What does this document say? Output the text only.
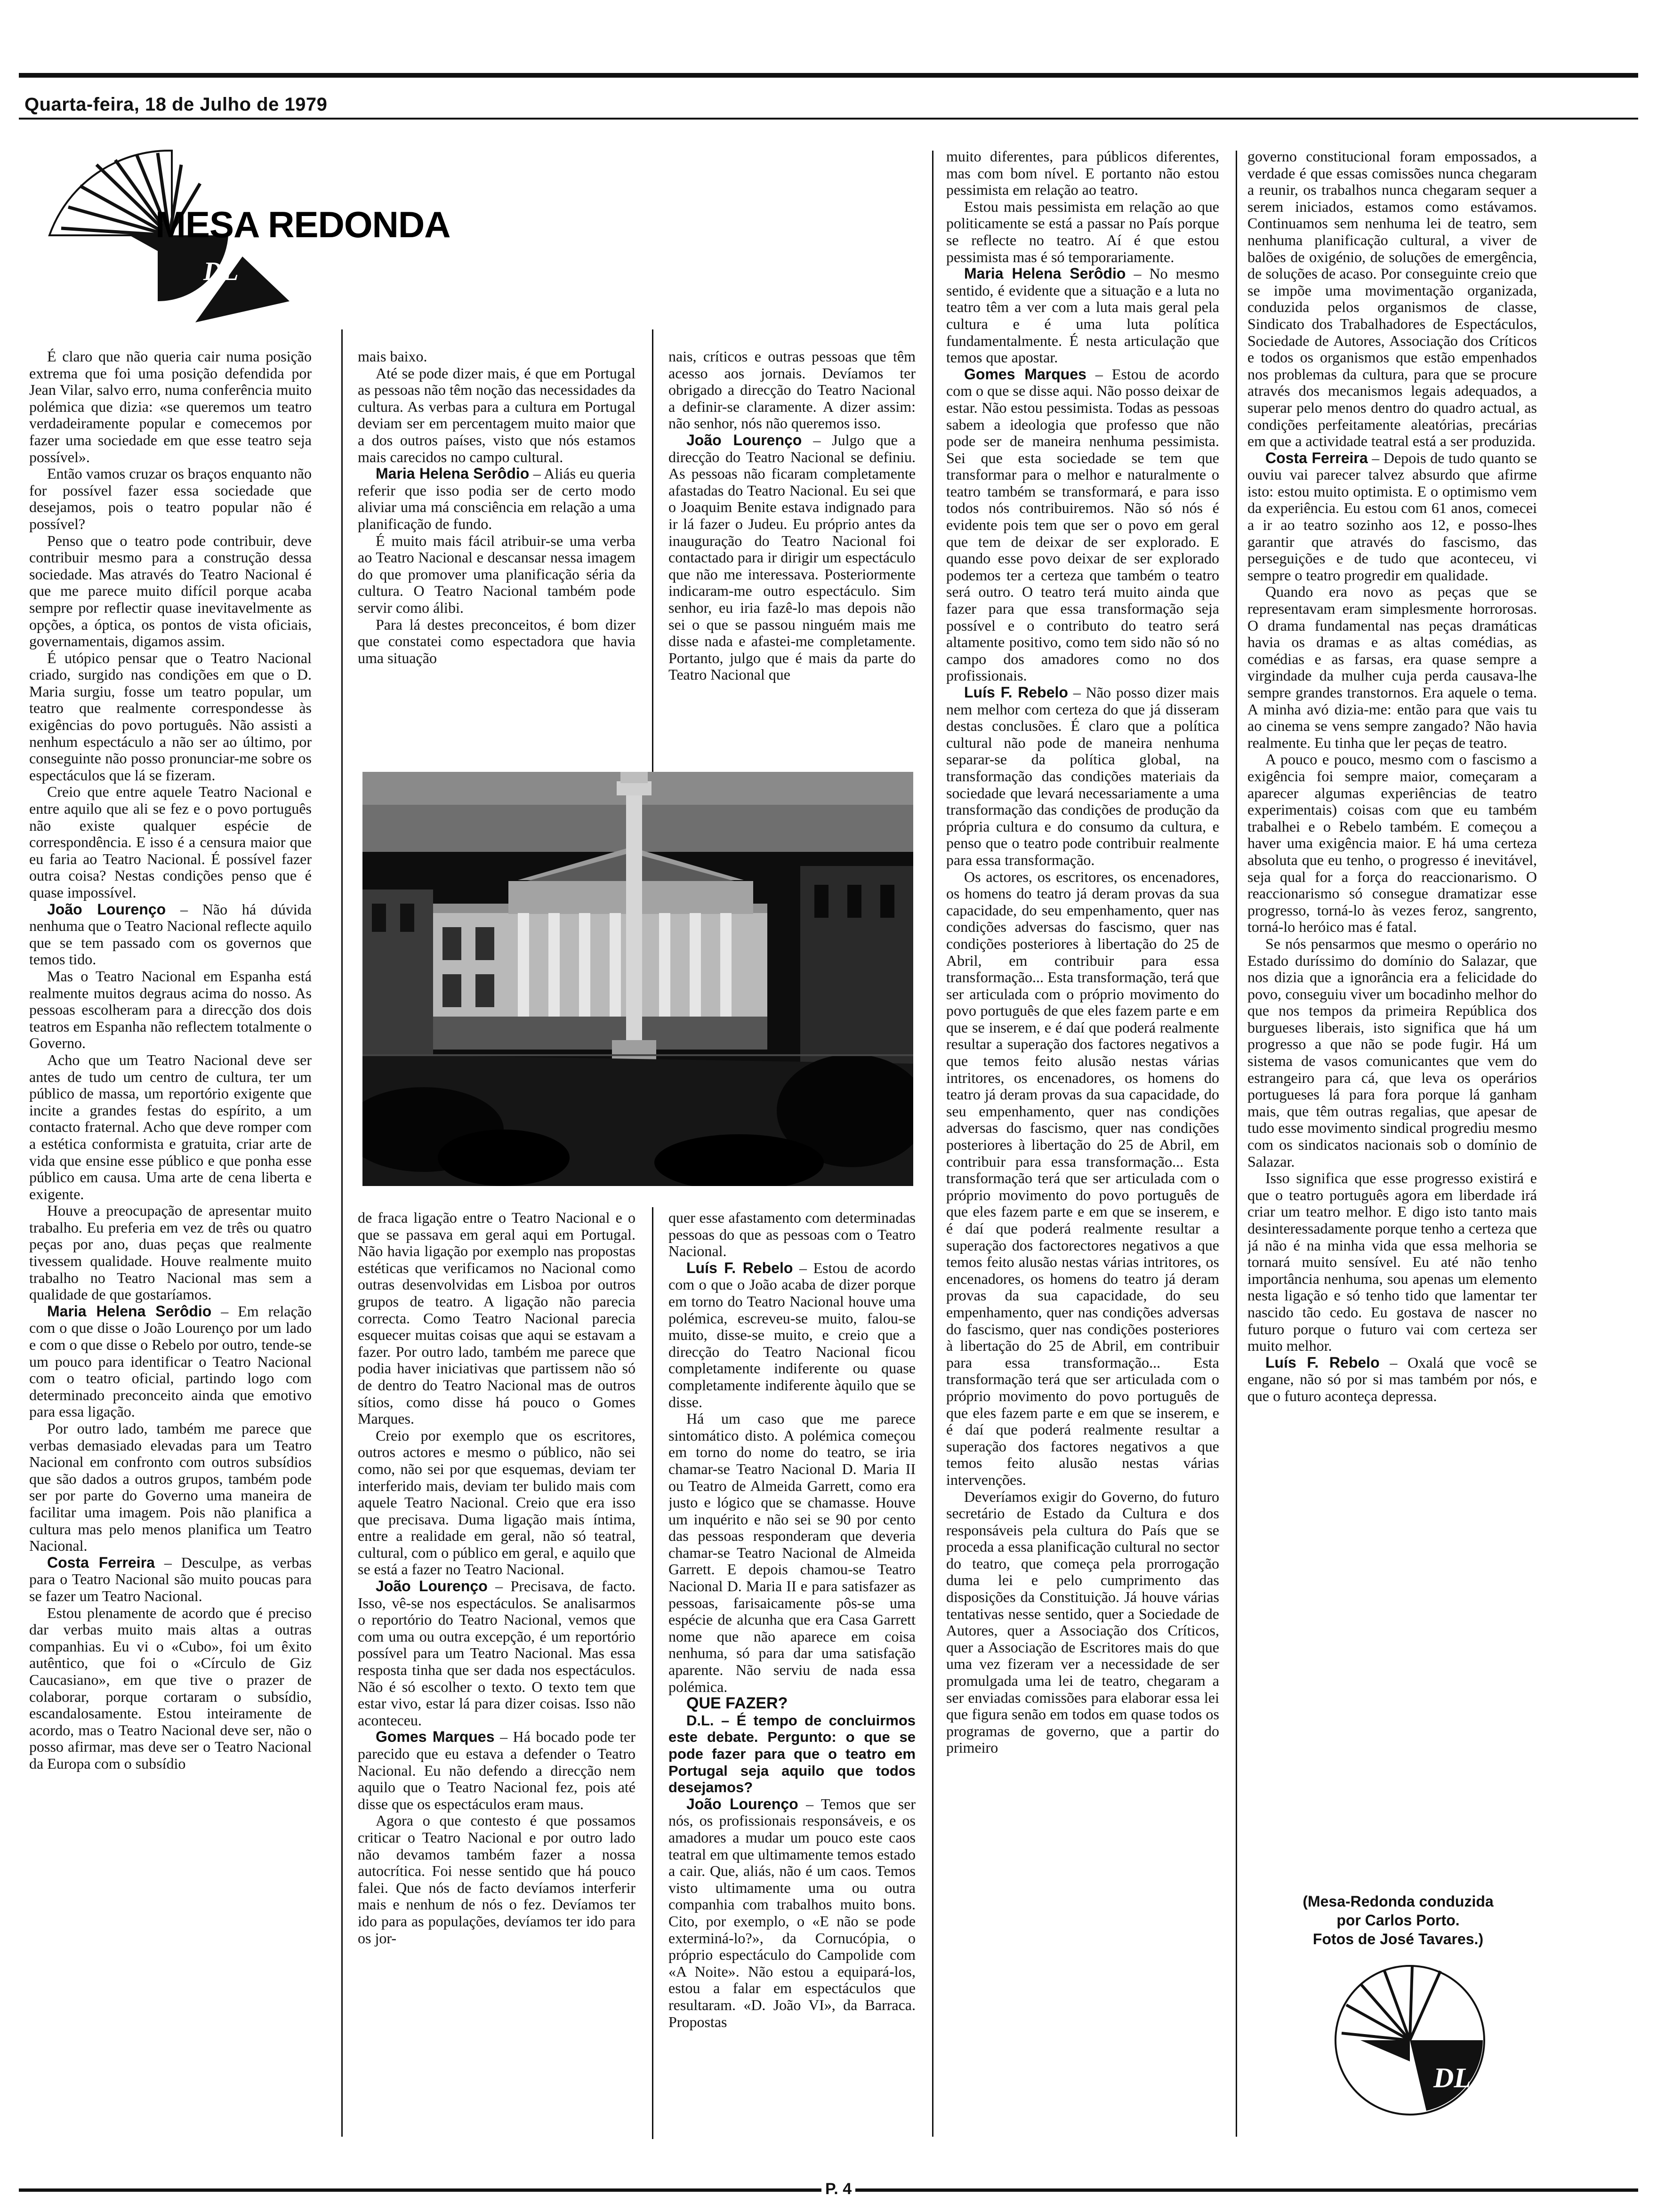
Quarta-feira, 18 de Julho de 1979
MESA REDONDA
DL

É claro que não queria cair numa posição extrema que foi uma posição defendida por Jean Vilar, salvo erro, numa conferência muito polémica que dizia: «se queremos um teatro verdadeiramente popular e comecemos por fazer uma sociedade em que esse teatro seja possível».

Então vamos cruzar os braços enquanto não for possível fazer essa sociedade que desejamos, pois o teatro popular não é possível?

Penso que o teatro pode contribuir, deve contribuir mesmo para a construção dessa sociedade. Mas através do Teatro Nacional é que me parece muito difícil porque acaba sempre por reflectir quase inevitavelmente as opções, a óptica, os pontos de vista oficiais, governamentais, digamos assim.

É utópico pensar que o Teatro Nacional criado, surgido nas condições em que o D. Maria surgiu, fosse um teatro popular, um teatro que realmente correspondesse às exigências do povo português. Não assisti a nenhum espectáculo a não ser ao último, por conseguinte não posso pronunciar-me sobre os espectáculos que lá se fizeram.

Creio que entre aquele Teatro Nacional e entre aquilo que ali se fez e o povo português não existe qualquer espécie de correspondência. E isso é a censura maior que eu faria ao Teatro Nacional. É possível fazer outra coisa? Nestas condições penso que é quase impossível.

João Lourenço – Não há dúvida nenhuma que o Teatro Nacional reflecte aquilo que se tem passado com os governos que temos tido.

Mas o Teatro Nacional em Espanha está realmente muitos degraus acima do nosso. As pessoas escolheram para a direcção dos dois teatros em Espanha não reflectem totalmente o Governo.

Acho que um Teatro Nacional deve ser antes de tudo um centro de cultura, ter um público de massa, um reportório exigente que incite a grandes festas do espírito, a um contacto fraternal. Acho que deve romper com a estética conformista e gratuita, criar arte de vida que ensine esse público e que ponha esse público em causa. Uma arte de cena liberta e exigente.

Houve a preocupação de apresentar muito trabalho. Eu preferia em vez de três ou quatro peças por ano, duas peças que realmente tivessem qualidade. Houve realmente muito trabalho no Teatro Nacional mas sem a qualidade de que gostaríamos.

Maria Helena Serôdio – Em relação com o que disse o João Lourenço por um lado e com o que disse o Rebelo por outro, tende-se um pouco para identificar o Teatro Nacional com o teatro oficial, partindo logo com determinado preconceito ainda que emotivo para essa ligação.

Por outro lado, também me parece que verbas demasiado elevadas para um Teatro Nacional em confronto com outros subsídios que são dados a outros grupos, também pode ser por parte do Governo uma maneira de facilitar uma imagem. Pois não planifica a cultura mas pelo menos planifica um Teatro Nacional.

Costa Ferreira – Desculpe, as verbas para o Teatro Nacional são muito poucas para se fazer um Teatro Nacional.

Estou plenamente de acordo que é preciso dar verbas muito mais altas a outras companhias. Eu vi o «Cubo», foi um êxito autêntico, que foi o «Círculo de Giz Caucasiano», em que tive o prazer de colaborar, porque cortaram o subsídio, escandalosamente. Estou inteiramente de acordo, mas o Teatro Nacional deve ser, não o posso afirmar, mas deve ser o Teatro Nacional da Europa com o subsídio

mais baixo.

Até se pode dizer mais, é que em Portugal as pessoas não têm noção das necessidades da cultura. As verbas para a cultura em Portugal deviam ser em percentagem muito maior que a dos outros países, visto que nós estamos mais carecidos no campo cultural.

Maria Helena Serôdio – Aliás eu queria referir que isso podia ser de certo modo aliviar uma má consciência em relação a uma planificação de fundo.

É muito mais fácil atribuir-se uma verba ao Teatro Nacional e descansar nessa imagem do que promover uma planificação séria da cultura. O Teatro Nacional também pode servir como álibi.

Para lá destes preconceitos, é bom dizer que constatei como espectadora que havia uma situação

nais, críticos e outras pessoas que têm acesso aos jornais. Devíamos ter obrigado a direcção do Teatro Nacional a definir-se claramente. A dizer assim: não senhor, nós não queremos isso.

João Lourenço – Julgo que a direcção do Teatro Nacional se definiu. As pessoas não ficaram completamente afastadas do Teatro Nacional. Eu sei que o Joaquim Benite estava indignado para ir lá fazer o Judeu. Eu próprio antes da inauguração do Teatro Nacional foi contactado para ir dirigir um espectáculo que não me interessava. Posteriormente indicaram-me outro espectáculo. Sim senhor, eu iria fazê-lo mas depois não sei o que se passou ninguém mais me disse nada e afastei-me completamente. Portanto, julgo que é mais da parte do Teatro Nacional que

de fraca ligação entre o Teatro Nacional e o que se passava em geral aqui em Portugal. Não havia ligação por exemplo nas propostas estéticas que verificamos no Nacional como outras desenvolvidas em Lisboa por outros grupos de teatro. A ligação não parecia correcta. Como Teatro Nacional parecia esquecer muitas coisas que aqui se estavam a fazer. Por outro lado, também me parece que podia haver iniciativas que partissem não só de dentro do Teatro Nacional mas de outros sítios, como disse há pouco o Gomes Marques.

Creio por exemplo que os escritores, outros actores e mesmo o público, não sei como, não sei por que esquemas, deviam ter interferido mais, deviam ter bulido mais com aquele Teatro Nacional. Creio que era isso que precisava. Duma ligação mais íntima, entre a realidade em geral, não só teatral, cultural, com o público em geral, e aquilo que se está a fazer no Teatro Nacional.

João Lourenço – Precisava, de facto. Isso, vê-se nos espectáculos. Se analisarmos o reportório do Teatro Nacional, vemos que com uma ou outra excepção, é um reportório possível para um Teatro Nacional. Mas essa resposta tinha que ser dada nos espectáculos. Não é só escolher o texto. O texto tem que estar vivo, estar lá para dizer coisas. Isso não aconteceu.

Gomes Marques – Há bocado pode ter parecido que eu estava a defender o Teatro Nacional. Eu não defendo a direcção nem aquilo que o Teatro Nacional fez, pois até disse que os espectáculos eram maus.

Agora o que contesto é que possamos criticar o Teatro Nacional e por outro lado não devamos também fazer a nossa autocrítica. Foi nesse sentido que há pouco falei. Que nós de facto devíamos interferir mais e nenhum de nós o fez. Devíamos ter ido para as populações, devíamos ter ido para os jor-

quer esse afastamento com determinadas pessoas do que as pessoas com o Teatro Nacional.

Luís F. Rebelo – Estou de acordo com o que o João acaba de dizer porque em torno do Teatro Nacional houve uma polémica, escreveu-se muito, falou-se muito, disse-se muito, e creio que a direcção do Teatro Nacional ficou completamente indiferente ou quase completamente indiferente àquilo que se disse.

Há um caso que me parece sintomático disto. A polémica começou em torno do nome do teatro, se iria chamar-se Teatro Nacional D. Maria II ou Teatro de Almeida Garrett, como era justo e lógico que se chamasse. Houve um inquérito e não sei se 90 por cento das pessoas responderam que deveria chamar-se Teatro Nacional de Almeida Garrett. E depois chamou-se Teatro Nacional D. Maria II e para satisfazer as pessoas, farisaicamente pôs-se uma espécie de alcunha que era Casa Garrett nome que não aparece em coisa nenhuma, só para dar uma satisfação aparente. Não serviu de nada essa polémica.

QUE FAZER?

D.L. – É tempo de concluirmos este debate. Pergunto: o que se pode fazer para que o teatro em Portugal seja aquilo que todos desejamos?

João Lourenço – Temos que ser nós, os profissionais responsáveis, e os amadores a mudar um pouco este caos teatral em que ultimamente temos estado a cair. Que, aliás, não é um caos. Temos visto ultimamente uma ou outra companhia com trabalhos muito bons. Cito, por exemplo, o «E não se pode exterminá-lo?», da Cornucópia, o próprio espectáculo do Campolide com «A Noite». Não estou a equipará-los, estou a falar em espectáculos que resultaram. «D. João VI», da Barraca. Propostas

muito diferentes, para públicos diferentes, mas com bom nível. E portanto não estou pessimista em relação ao teatro.

Estou mais pessimista em relação ao que politicamente se está a passar no País porque se reflecte no teatro. Aí é que estou pessimista mas é só temporariamente.

Maria Helena Serôdio – No mesmo sentido, é evidente que a situação e a luta no teatro têm a ver com a luta mais geral pela cultura e é uma luta política fundamentalmente. É nesta articulação que temos que apostar.

Gomes Marques – Estou de acordo com o que se disse aqui. Não posso deixar de estar. Não estou pessimista. Todas as pessoas sabem a ideologia que professo que não pode ser de maneira nenhuma pessimista. Sei que esta sociedade se tem que transformar para o melhor e naturalmente o teatro também se transformará, e para isso todos nós contribuiremos. Não só nós é evidente pois tem que ser o povo em geral que tem de deixar de ser explorado. E quando esse povo deixar de ser explorado podemos ter a certeza que também o teatro será outro. O teatro terá muito ainda que fazer para que essa transformação seja possível e o contributo do teatro será altamente positivo, como tem sido não só no campo dos amadores como no dos profissionais.

Luís F. Rebelo – Não posso dizer mais nem melhor com certeza do que já disseram destas conclusões. É claro que a política cultural não pode de maneira nenhuma separar-se da política global, na transformação das condições materiais da sociedade que levará necessariamente a uma transformação das condições de produção da própria cultura e do consumo da cultura, e penso que o teatro pode contribuir realmente para essa transformação.

Os actores, os escritores, os encenadores, os homens do teatro já deram provas da sua capacidade, do seu empenhamento, quer nas condições adversas do fascismo, quer nas condições posteriores à libertação do 25 de Abril, em contribuir para essa transformação... Esta transformação, terá que ser articulada com o próprio movimento do povo português de que eles fazem parte e em que se inserem, e é daí que poderá realmente resultar a superação dos factores negativos a que temos feito alusão nestas várias intritores, os encenadores, os homens do teatro já deram provas da sua capacidade, do seu empenhamento, quer nas condições adversas do fascismo, quer nas condições posteriores à libertação do 25 de Abril, em contribuir para essa transformação... Esta transformação terá que ser articulada com o próprio movimento do povo português de que eles fazem parte e em que se inserem, e é daí que poderá realmente resultar a superação dos factorectores negativos a que temos feito alusão nestas várias intritores, os encenadores, os homens do teatro já deram provas da sua capacidade, do seu empenhamento, quer nas condições adversas do fascismo, quer nas condições posteriores à libertação do 25 de Abril, em contribuir para essa transformação... Esta transformação terá que ser articulada com o próprio movimento do povo português de que eles fazem parte e em que se inserem, e é daí que poderá realmente resultar a superação dos factores negativos a que temos feito alusão nestas várias intervenções.

Deveríamos exigir do Governo, do futuro secretário de Estado da Cultura e dos responsáveis pela cultura do País que se proceda a essa planificação cultural no sector do teatro, que começa pela prorrogação duma lei e pelo cumprimento das disposições da Constituição. Já houve várias tentativas nesse sentido, quer a Sociedade de Autores, quer a Associação dos Críticos, quer a Associação de Escritores mais do que uma vez fizeram ver a necessidade de ser promulgada uma lei de teatro, chegaram a ser enviadas comissões para elaborar essa lei que figura senão em todos em quase todos os programas de governo, que a partir do primeiro

governo constitucional foram empossados, a verdade é que essas comissões nunca chegaram a reunir, os trabalhos nunca chegaram sequer a serem iniciados, estamos como estávamos. Continuamos sem nenhuma lei de teatro, sem nenhuma planificação cultural, a viver de balões de oxigénio, de soluções de emergência, de soluções de acaso. Por conseguinte creio que se impõe uma movimentação organizada, conduzida pelos organismos de classe, Sindicato dos Trabalhadores de Espectáculos, Sociedade de Autores, Associação dos Críticos e todos os organismos que estão empenhados nos problemas da cultura, para que se procure através dos mecanismos legais adequados, a superar pelo menos dentro do quadro actual, as condições perfeitamente aleatórias, precárias em que a actividade teatral está a ser produzida.

Costa Ferreira – Depois de tudo quanto se ouviu vai parecer talvez absurdo que afirme isto: estou muito optimista. E o optimismo vem da experiência. Eu estou com 61 anos, comecei a ir ao teatro sozinho aos 12, e posso-lhes garantir que através do fascismo, das perseguições e de tudo que aconteceu, vi sempre o teatro progredir em qualidade.

Quando era novo as peças que se representavam eram simplesmente horrorosas. O drama fundamental nas peças dramáticas havia os dramas e as altas comédias, as comédias e as farsas, era quase sempre a virgindade da mulher cuja perda causava-lhe sempre grandes transtornos. Era aquele o tema. A minha avó dizia-me: então para que vais tu ao cinema se vens sempre zangado? Não havia realmente. Eu tinha que ler peças de teatro.

A pouco e pouco, mesmo com o fascismo a exigência foi sempre maior, começaram a aparecer algumas experiências de teatro experimentais) coisas com que eu também trabalhei e o Rebelo também. E começou a haver uma exigência maior. E há uma certeza absoluta que eu tenho, o progresso é inevitável, seja qual for a força do reaccionarismo. O reaccionarismo só consegue dramatizar esse progresso, torná-lo às vezes feroz, sangrento, torná-lo heróico mas é fatal.

Se nós pensarmos que mesmo o operário no Estado duríssimo do domínio do Salazar, que nos dizia que a ignorância era a felicidade do povo, conseguiu viver um bocadinho melhor do que nos tempos da primeira República dos burgueses liberais, isto significa que há um progresso a que não se pode fugir. Há um sistema de vasos comunicantes que vem do estrangeiro para cá, que leva os operários portugueses lá para fora porque lá ganham mais, que têm outras regalias, que apesar de tudo esse movimento sindical progrediu mesmo com os sindicatos nacionais sob o domínio de Salazar.

Isso significa que esse progresso existirá e que o teatro português agora em liberdade irá criar um teatro melhor. E digo isto tanto mais desinteressadamente porque tenho a certeza que já não é na minha vida que essa melhoria se tornará muito sensível. Eu até não tenho importância nenhuma, sou apenas um elemento nesta ligação e só tenho tido que lamentar ter nascido tão cedo. Eu gostava de nascer no futuro porque o futuro vai com certeza ser muito melhor.

Luís F. Rebelo – Oxalá que você se engane, não só por si mas também por nós, e que o futuro aconteça depressa.

(Mesa-Redonda conduzida
por Carlos Porto.
Fotos de José Tavares.)
DL
P. 4
